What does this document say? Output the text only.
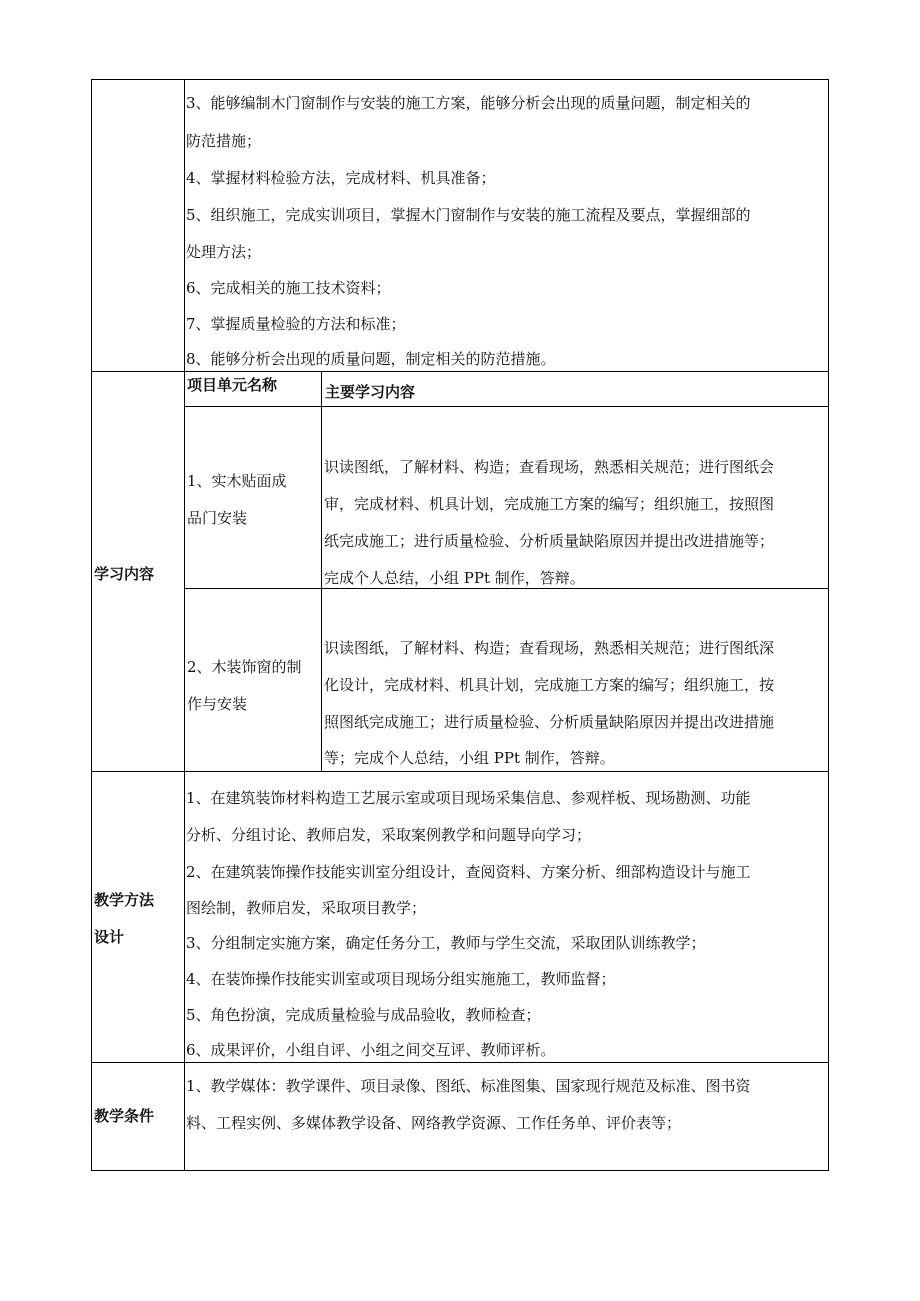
3、能够编制木门窗制作与安装的施工方案，能够分析会出现的质量问题，制定相关的
防范措施；
4、掌握材料检验方法，完成材料、机具准备；
5、组织施工，完成实训项目，掌握木门窗制作与安装的施工流程及要点，掌握细部的
处理方法；
6、完成相关的施工技术资料；
7、掌握质量检验的方法和标准；
8、能够分析会出现的质量问题，制定相关的防范措施。
学习内容
项目单元名称	主要学习内容
1、实木贴面成
品门安装
识读图纸，了解材料、构造；查看现场，熟悉相关规范；进行图纸会
审，完成材料、机具计划，完成施工方案的编写；组织施工，按照图
纸完成施工；进行质量检验、分析质量缺陷原因并提出改进措施等；
完成个人总结，小组 PPt 制作，答辩。
2、木装饰窗的制
作与安装
识读图纸，了解材料、构造；查看现场，熟悉相关规范；进行图纸深
化设计，完成材料、机具计划，完成施工方案的编写；组织施工，按
照图纸完成施工；进行质量检验、分析质量缺陷原因并提出改进措施
等；完成个人总结，小组 PPt 制作，答辩。
教学方法
设计
1、在建筑装饰材料构造工艺展示室或项目现场采集信息、参观样板、现场勘测、功能
分析、分组讨论、教师启发，采取案例教学和问题导向学习；
2、在建筑装饰操作技能实训室分组设计，查阅资料、方案分析、细部构造设计与施工
图绘制，教师启发，采取项目教学；
3、分组制定实施方案，确定任务分工，教师与学生交流，采取团队训练教学；
4、在装饰操作技能实训室或项目现场分组实施施工，教师监督；
5、角色扮演，完成质量检验与成品验收，教师检查；
6、成果评价，小组自评、小组之间交互评、教师评析。
教学条件
1、教学媒体：教学课件、项目录像、图纸、标准图集、国家现行规范及标准、图书资
料、工程实例、多媒体教学设备、网络教学资源、工作任务单、评价表等；
